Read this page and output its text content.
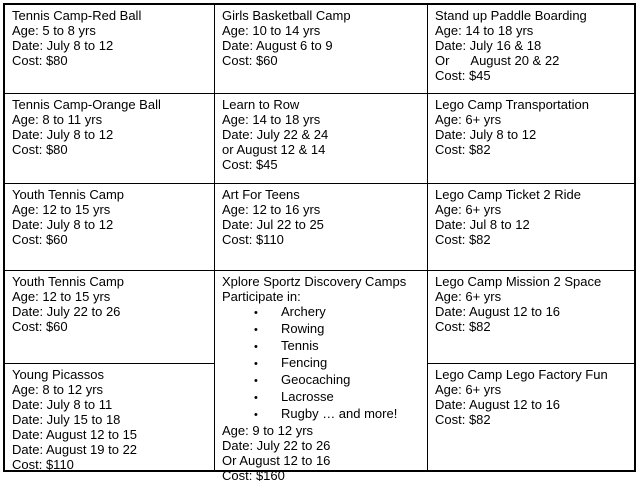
Tennis Camp-Red Ball
Age: 5 to 8 yrs
Date: July 8 to 12
Cost: $80
Girls Basketball Camp
Age: 10 to 14 yrs
Date: August 6 to 9
Cost: $60
Stand up Paddle Boarding
Age: 14 to 18 yrs
Date: July 16 & 18
Or      August 20 & 22
Cost: $45
Tennis Camp-Orange Ball
Age: 8 to 11 yrs
Date: July 8 to 12
Cost: $80
Learn to Row
Age: 14 to 18 yrs
Date: July 22 & 24
or August 12 & 14
Cost: $45
Lego Camp Transportation
Age: 6+ yrs
Date: July 8 to 12
Cost: $82
Youth Tennis Camp
Age: 12 to 15 yrs
Date: July 8 to 12
Cost: $60
Art For Teens
Age: 12 to 16 yrs
Date: Jul 22 to 25
Cost: $110
Lego Camp Ticket 2 Ride
Age: 6+ yrs
Date: Jul 8 to 12
Cost: $82
Youth Tennis Camp
Age: 12 to 15 yrs
Date: July 22 to 26
Cost: $60
Xplore Sportz Discovery Camps
Participate in:
• Archery
• Rowing
• Tennis
• Fencing
• Geocaching
• Lacrosse
• Rugby … and more!
Age: 9 to 12 yrs
Date: July 22 to 26
Or August 12 to 16
Cost: $160
Lego Camp Mission 2 Space
Age: 6+ yrs
Date: August 12 to 16
Cost: $82
Young Picassos
Age: 8 to 12 yrs
Date: July 8 to 11
Date: July 15 to 18
Date: August 12 to 15
Date: August 19 to 22
Cost: $110
Lego Camp Lego Factory Fun
Age: 6+ yrs
Date: August 12 to 16
Cost: $82
